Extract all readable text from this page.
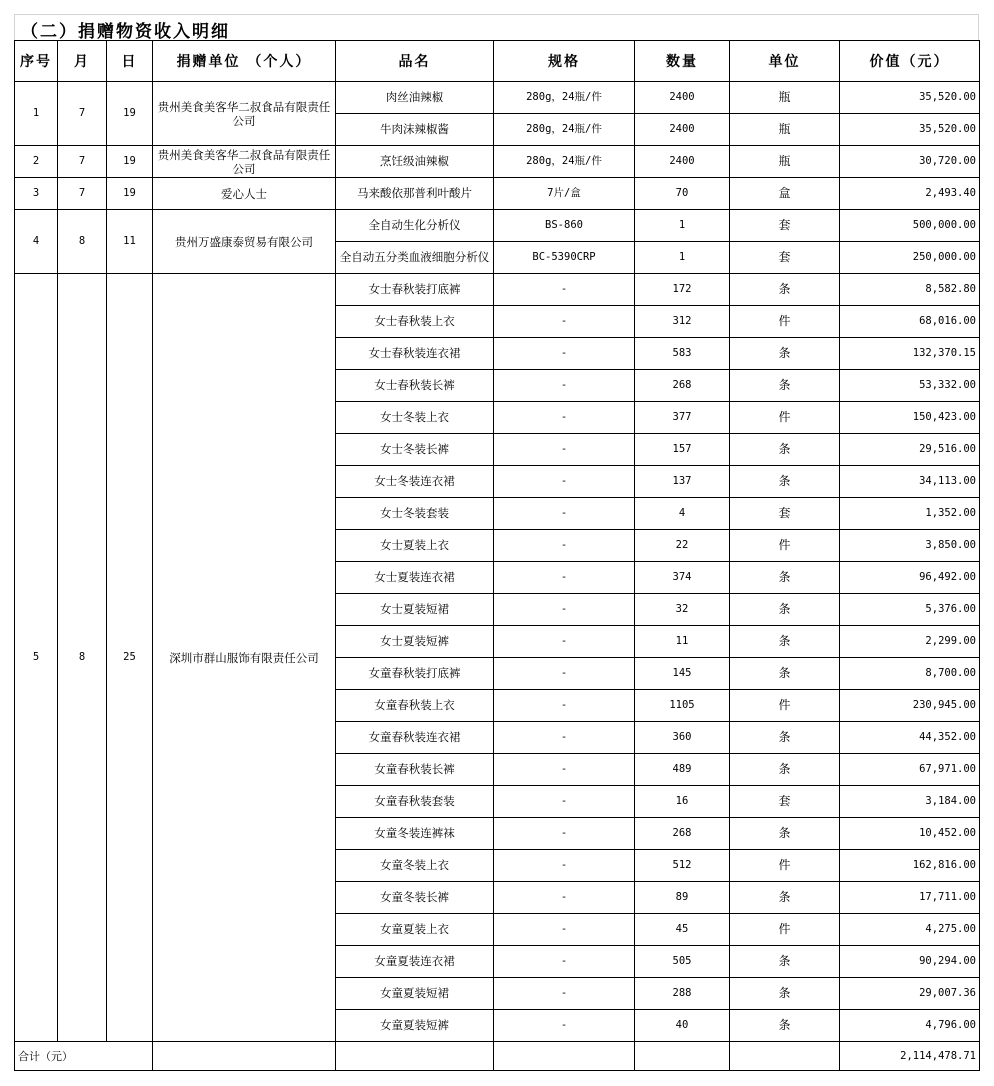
（二）捐赠物资收入明细
序号	月	日	捐赠单位 （个人）	品名	规格	数量	单位	价值（元）
1	7	19	贵州美食美客华二叔食品有限责任公司	肉丝油辣椒	280g，24瓶/件	2400	瓶	35,520.00
				牛肉沫辣椒酱	280g，24瓶/件	2400	瓶	35,520.00
2	7	19	贵州美食美客华二叔食品有限责任公司	烹饪级油辣椒	280g，24瓶/件	2400	瓶	30,720.00
3	7	19	爱心人士	马来酸依那普利叶酸片	7片/盒	70	盒	2,493.40
4	8	11	贵州万盛康泰贸易有限公司	全自动生化分析仪	BS-860	1	套	500,000.00
				全自动五分类血液细胞分析仪	BC-5390CRP	1	套	250,000.00
5	8	25	深圳市群山服饰有限责任公司	女士春秋装打底裤	-	172	条	8,582.80
				女士春秋装上衣	-	312	件	68,016.00
				女士春秋装连衣裙	-	583	条	132,370.15
				女士春秋装长裤	-	268	条	53,332.00
				女士冬装上衣	-	377	件	150,423.00
				女士冬装长裤	-	157	条	29,516.00
				女士冬装连衣裙	-	137	条	34,113.00
				女士冬装套装	-	4	套	1,352.00
				女士夏装上衣	-	22	件	3,850.00
				女士夏装连衣裙	-	374	条	96,492.00
				女士夏装短裙	-	32	条	5,376.00
				女士夏装短裤	-	11	条	2,299.00
				女童春秋装打底裤	-	145	条	8,700.00
				女童春秋装上衣	-	1105	件	230,945.00
				女童春秋装连衣裙	-	360	条	44,352.00
				女童春秋装长裤	-	489	条	67,971.00
				女童春秋装套装	-	16	套	3,184.00
				女童冬装连裤袜	-	268	条	10,452.00
				女童冬装上衣	-	512	件	162,816.00
				女童冬装长裤	-	89	条	17,711.00
				女童夏装上衣	-	45	件	4,275.00
				女童夏装连衣裙	-	505	条	90,294.00
				女童夏装短裙	-	288	条	29,007.36
				女童夏装短裤	-	40	条	4,796.00
合计（元）								2,114,478.71
